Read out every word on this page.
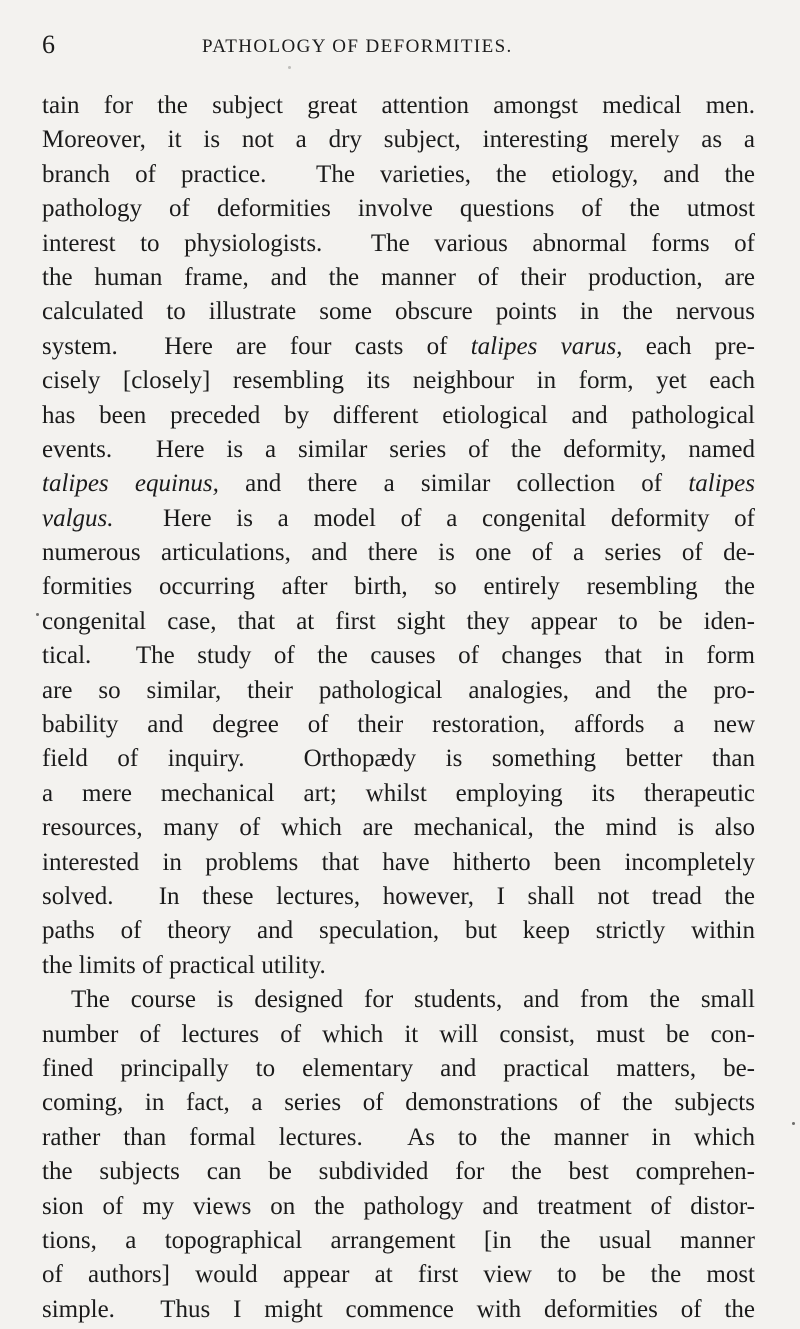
6	PATHOLOGY OF DEFORMITIES.
tain for the subject great attention amongst medical men.
Moreover, it is not a dry subject, interesting merely as a
branch of practice.  The varieties, the etiology, and the
pathology of deformities involve questions of the utmost
interest to physiologists.  The various abnormal forms of
the human frame, and the manner of their production, are
calculated to illustrate some obscure points in the nervous
system.  Here are four casts of talipes varus, each pre-
cisely [closely] resembling its neighbour in form, yet each
has been preceded by different etiological and pathological
events.  Here is a similar series of the deformity, named
talipes equinus, and there a similar collection of talipes
valgus.  Here is a model of a congenital deformity of
numerous articulations, and there is one of a series of de-
formities occurring after birth, so entirely resembling the
congenital case, that at first sight they appear to be iden-
tical.  The study of the causes of changes that in form
are so similar, their pathological analogies, and the pro-
bability and degree of their restoration, affords a new
field of inquiry.  Orthopædy is something better than
a mere mechanical art; whilst employing its therapeutic
resources, many of which are mechanical, the mind is also
interested in problems that have hitherto been incompletely
solved.  In these lectures, however, I shall not tread the
paths of theory and speculation, but keep strictly within
the limits of practical utility.
The course is designed for students, and from the small
number of lectures of which it will consist, must be con-
fined principally to elementary and practical matters, be-
coming, in fact, a series of demonstrations of the subjects
rather than formal lectures.  As to the manner in which
the subjects can be subdivided for the best comprehen-
sion of my views on the pathology and treatment of distor-
tions, a topographical arrangement [in the usual manner
of authors] would appear at first view to be the most
simple.  Thus I might commence with deformities of the
